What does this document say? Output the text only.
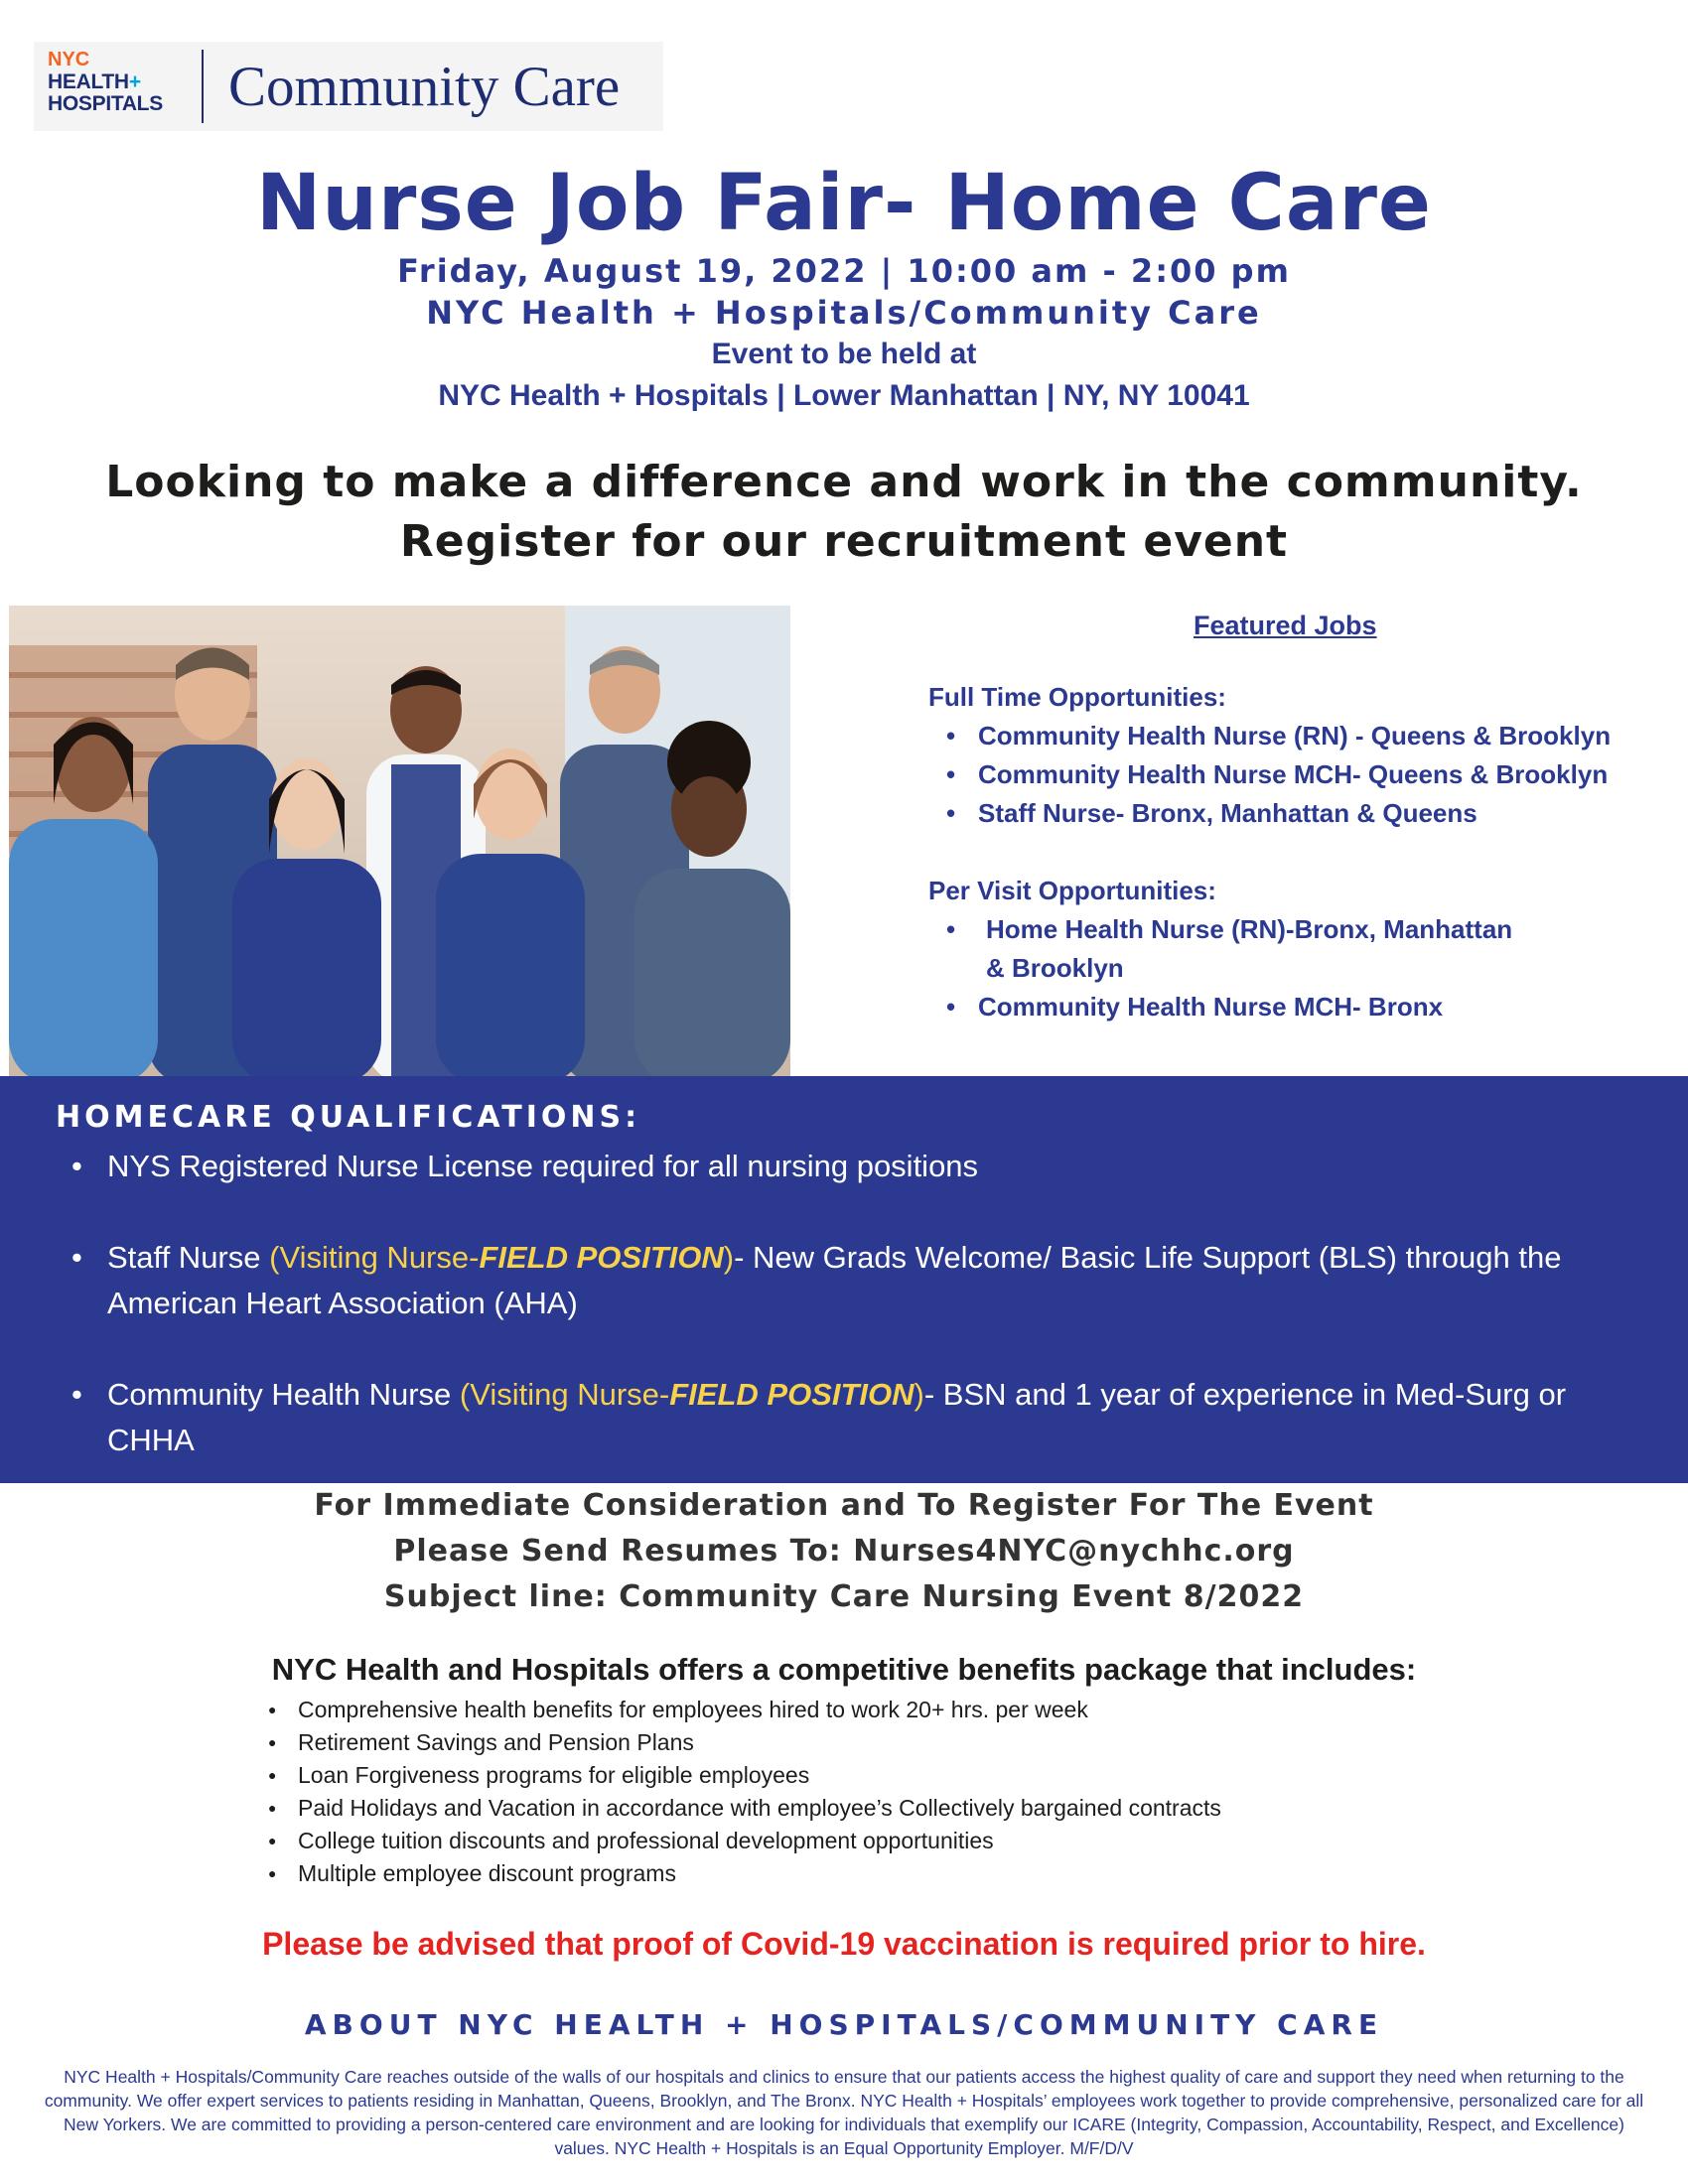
NYC
HEALTH+
HOSPITALS Community Care
Nurse Job Fair- Home Care
Friday, August 19, 2022 | 10:00 am - 2:00 pm
NYC Health + Hospitals/Community Care
Event to be held at
NYC Health + Hospitals | Lower Manhattan | NY, NY 10041
Looking to make a difference and work in the community.
Register for our recruitment event
Featured Jobs

Full Time Opportunities:

• Community Health Nurse (RN) - Queens & Brooklyn
• Community Health Nurse MCH- Queens & Brooklyn
• Staff Nurse- Bronx, Manhattan & Queens

Per Visit Opportunities:

• Home Health Nurse (RN)-Bronx, Manhattan & Brooklyn
• Community Health Nurse MCH- Bronx
HOMECARE QUALIFICATIONS:

• NYS Registered Nurse License required for all nursing positions

• Staff Nurse (Visiting Nurse-FIELD POSITION)- New Grads Welcome/ Basic Life Support (BLS) through the American Heart Association (AHA)

• Community Health Nurse (Visiting Nurse-FIELD POSITION)- BSN and 1 year of experience in Med-Surg or CHHA

For Immediate Consideration and To Register For The Event
Please Send Resumes To: Nurses4NYC@nychhc.org
Subject line: Community Care Nursing Event 8/2022
NYC Health and Hospitals offers a competitive benefits package that includes:
● Comprehensive health benefits for employees hired to work 20+ hrs. per week
● Retirement Savings and Pension Plans
● Loan Forgiveness programs for eligible employees
● Paid Holidays and Vacation in accordance with employee’s Collectively bargained contracts
● College tuition discounts and professional development opportunities
● Multiple employee discount programs
Please be advised that proof of Covid-19 vaccination is required prior to hire.
ABOUT NYC HEALTH + HOSPITALS/COMMUNITY CARE
NYC Health + Hospitals/Community Care reaches outside of the walls of our hospitals and clinics to ensure that our patients access the highest quality of care and support they need when returning to the community. We offer expert services to patients residing in Manhattan, Queens, Brooklyn, and The Bronx. NYC Health + Hospitals’ employees work together to provide comprehensive, personalized care for all New Yorkers. We are committed to providing a person-centered care environment and are looking for individuals that exemplify our ICARE (Integrity, Compassion, Accountability, Respect, and Excellence) values. NYC Health + Hospitals is an Equal Opportunity Employer. M/F/D/V
